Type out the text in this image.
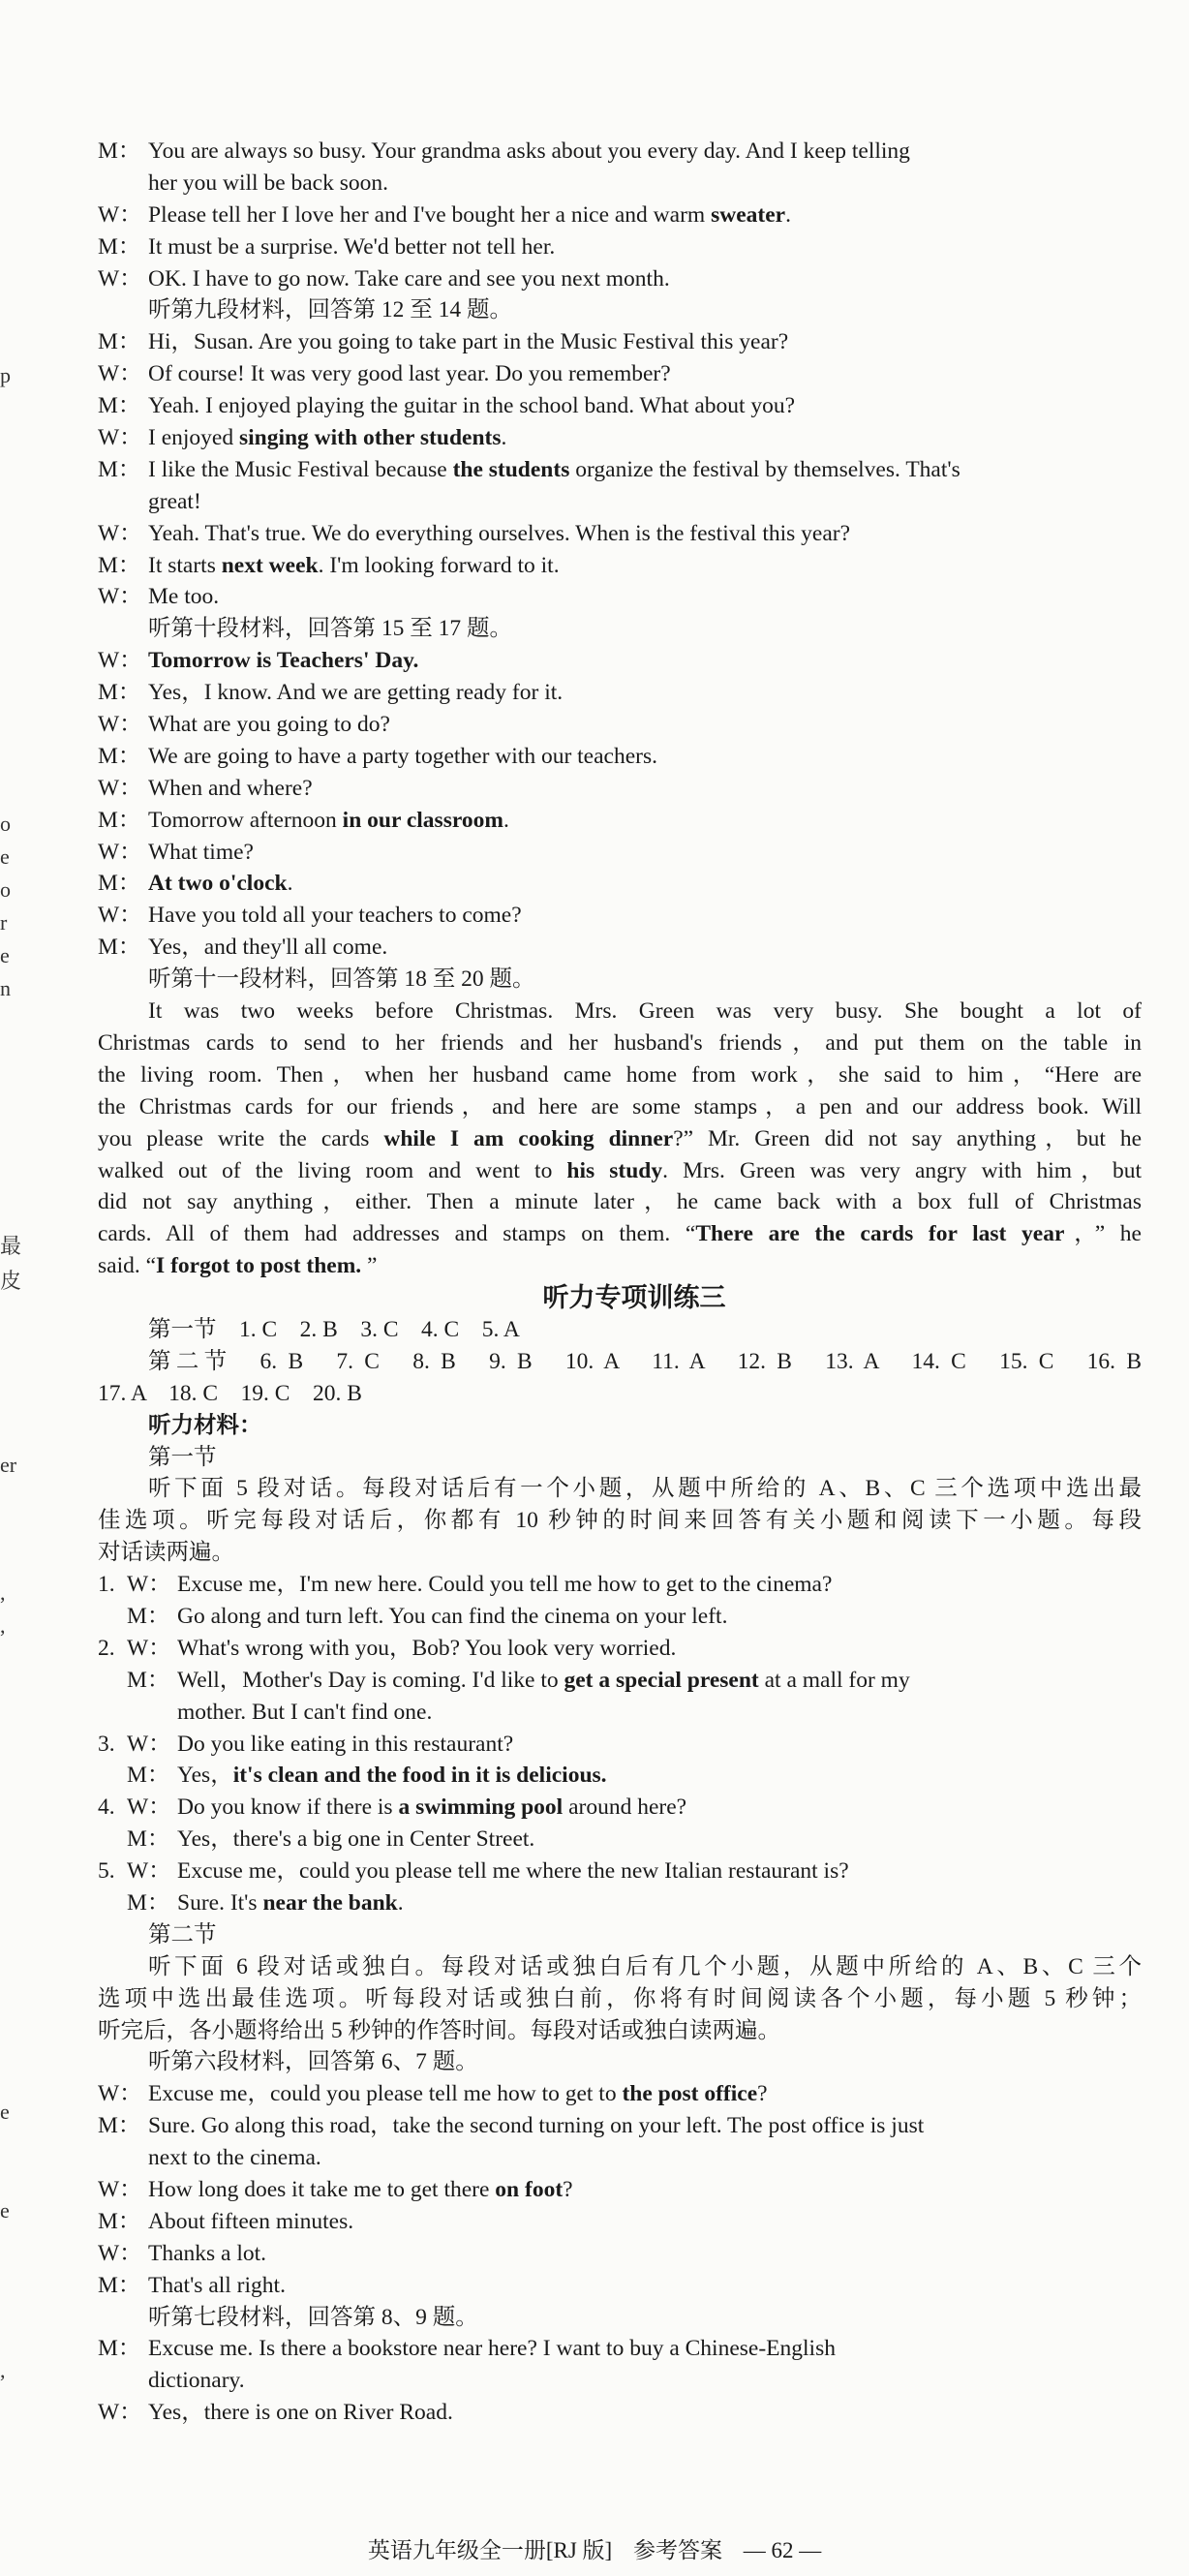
p
o
e
o
r
e
n
最
皮
er
,
,
e
e
,
M： You are always so busy. Your grandma asks about you every day. And I keep telling
her you will be back soon.
W： Please tell her I love her and I've bought her a nice and warm sweater.
M： It must be a surprise. We'd better not tell her.
W： OK. I have to go now. Take care and see you next month.
听第九段材料，回答第 12 至 14 题。
M： Hi，Susan. Are you going to take part in the Music Festival this year?
W： Of course! It was very good last year. Do you remember?
M： Yeah. I enjoyed playing the guitar in the school band. What about you?
W： I enjoyed singing with other students.
M： I like the Music Festival because the students organize the festival by themselves. That's
great!
W： Yeah. That's true. We do everything ourselves. When is the festival this year?
M： It starts next week. I'm looking forward to it.
W： Me too.
听第十段材料，回答第 15 至 17 题。
W： Tomorrow is Teachers' Day.
M： Yes，I know. And we are getting ready for it.
W： What are you going to do?
M： We are going to have a party together with our teachers.
W： When and where?
M： Tomorrow afternoon in our classroom.
W： What time?
M： At two o'clock.
W： Have you told all your teachers to come?
M： Yes，and they'll all come.
听第十一段材料，回答第 18 至 20 题。
It was two weeks before Christmas. Mrs. Green was very busy. She bought a lot of
Christmas cards to send to her friends and her husband's friends，and put them on the table in
the living room. Then，when her husband came home from work，she said to him，“Here are
the Christmas cards for our friends，and here are some stamps，a pen and our address book. Will
you please write the cards while I am cooking dinner?” Mr. Green did not say anything，but he
walked out of the living room and went to his study. Mrs. Green was very angry with him，but
did not say anything，either. Then a minute later，he came back with a box full of Christmas
cards. All of them had addresses and stamps on them. “There are the cards for last year，” he
said. “I forgot to post them. ”
听力专项训练三
第一节　1. C　2. B　3. C　4. C　5. A
第二节　6. B　7. C　8. B　9. B　10. A　11. A　12. B　13. A　14. C　15. C　16. B
17. A　18. C　19. C　20. B
听力材料：
第一节
听下面 5 段对话。每段对话后有一个小题，从题中所给的 A、B、C 三个选项中选出最
佳选项。听完每段对话后，你都有 10 秒钟的时间来回答有关小题和阅读下一小题。每段
对话读两遍。
1.W： Excuse me，I'm new here. Could you tell me how to get to the cinema?
M： Go along and turn left. You can find the cinema on your left.
2.W： What's wrong with you，Bob? You look very worried.
M： Well，Mother's Day is coming. I'd like to get a special present at a mall for my
mother. But I can't find one.
3.W： Do you like eating in this restaurant?
M： Yes，it's clean and the food in it is delicious.
4.W： Do you know if there is a swimming pool around here?
M： Yes，there's a big one in Center Street.
5.W： Excuse me，could you please tell me where the new Italian restaurant is?
M： Sure. It's near the bank.
第二节
听下面 6 段对话或独白。每段对话或独白后有几个小题，从题中所给的 A、B、C 三个
选项中选出最佳选项。听每段对话或独白前，你将有时间阅读各个小题，每小题 5 秒钟；
听完后，各小题将给出 5 秒钟的作答时间。每段对话或独白读两遍。
听第六段材料，回答第 6、7 题。
W： Excuse me，could you please tell me how to get to the post office?
M： Sure. Go along this road，take the second turning on your left. The post office is just
next to the cinema.
W： How long does it take me to get there on foot?
M： About fifteen minutes.
W： Thanks a lot.
M： That's all right.
听第七段材料，回答第 8、9 题。
M： Excuse me. Is there a bookstore near here? I want to buy a Chinese-English
dictionary.
W： Yes，there is one on River Road.
英语九年级全一册[RJ 版] 参考答案 — 62 —
